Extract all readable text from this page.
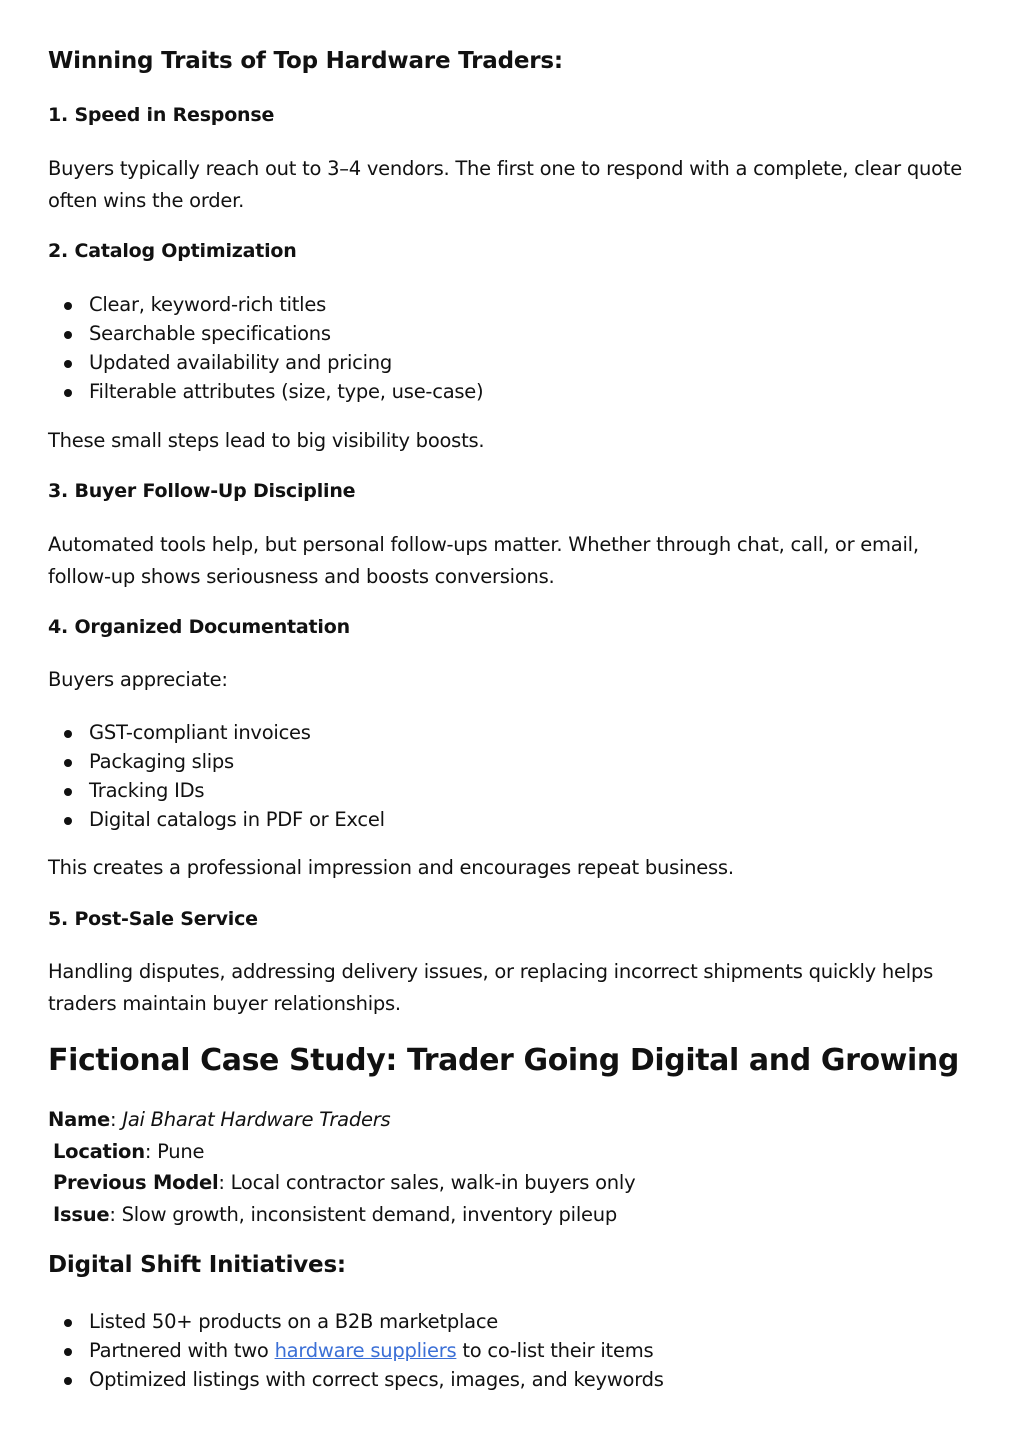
Winning Traits of Top Hardware Traders:
1. Speed in Response
Buyers typically reach out to 3–4 vendors. The first one to respond with a complete, clear quote often wins the order.
2. Catalog Optimization
Clear, keyword-rich titles
Searchable specifications
Updated availability and pricing
Filterable attributes (size, type, use-case)
These small steps lead to big visibility boosts.
3. Buyer Follow-Up Discipline
Automated tools help, but personal follow-ups matter. Whether through chat, call, or email, follow-up shows seriousness and boosts conversions.
4. Organized Documentation
Buyers appreciate:
GST-compliant invoices
Packaging slips
Tracking IDs
Digital catalogs in PDF or Excel
This creates a professional impression and encourages repeat business.
5. Post-Sale Service
Handling disputes, addressing delivery issues, or replacing incorrect shipments quickly helps traders maintain buyer relationships.
Fictional Case Study: Trader Going Digital and Growing
Name: Jai Bharat Hardware Traders
Location: Pune
Previous Model: Local contractor sales, walk-in buyers only
Issue: Slow growth, inconsistent demand, inventory pileup
Digital Shift Initiatives:
Listed 50+ products on a B2B marketplace
Partnered with two hardware suppliers to co-list their items
Optimized listings with correct specs, images, and keywords
